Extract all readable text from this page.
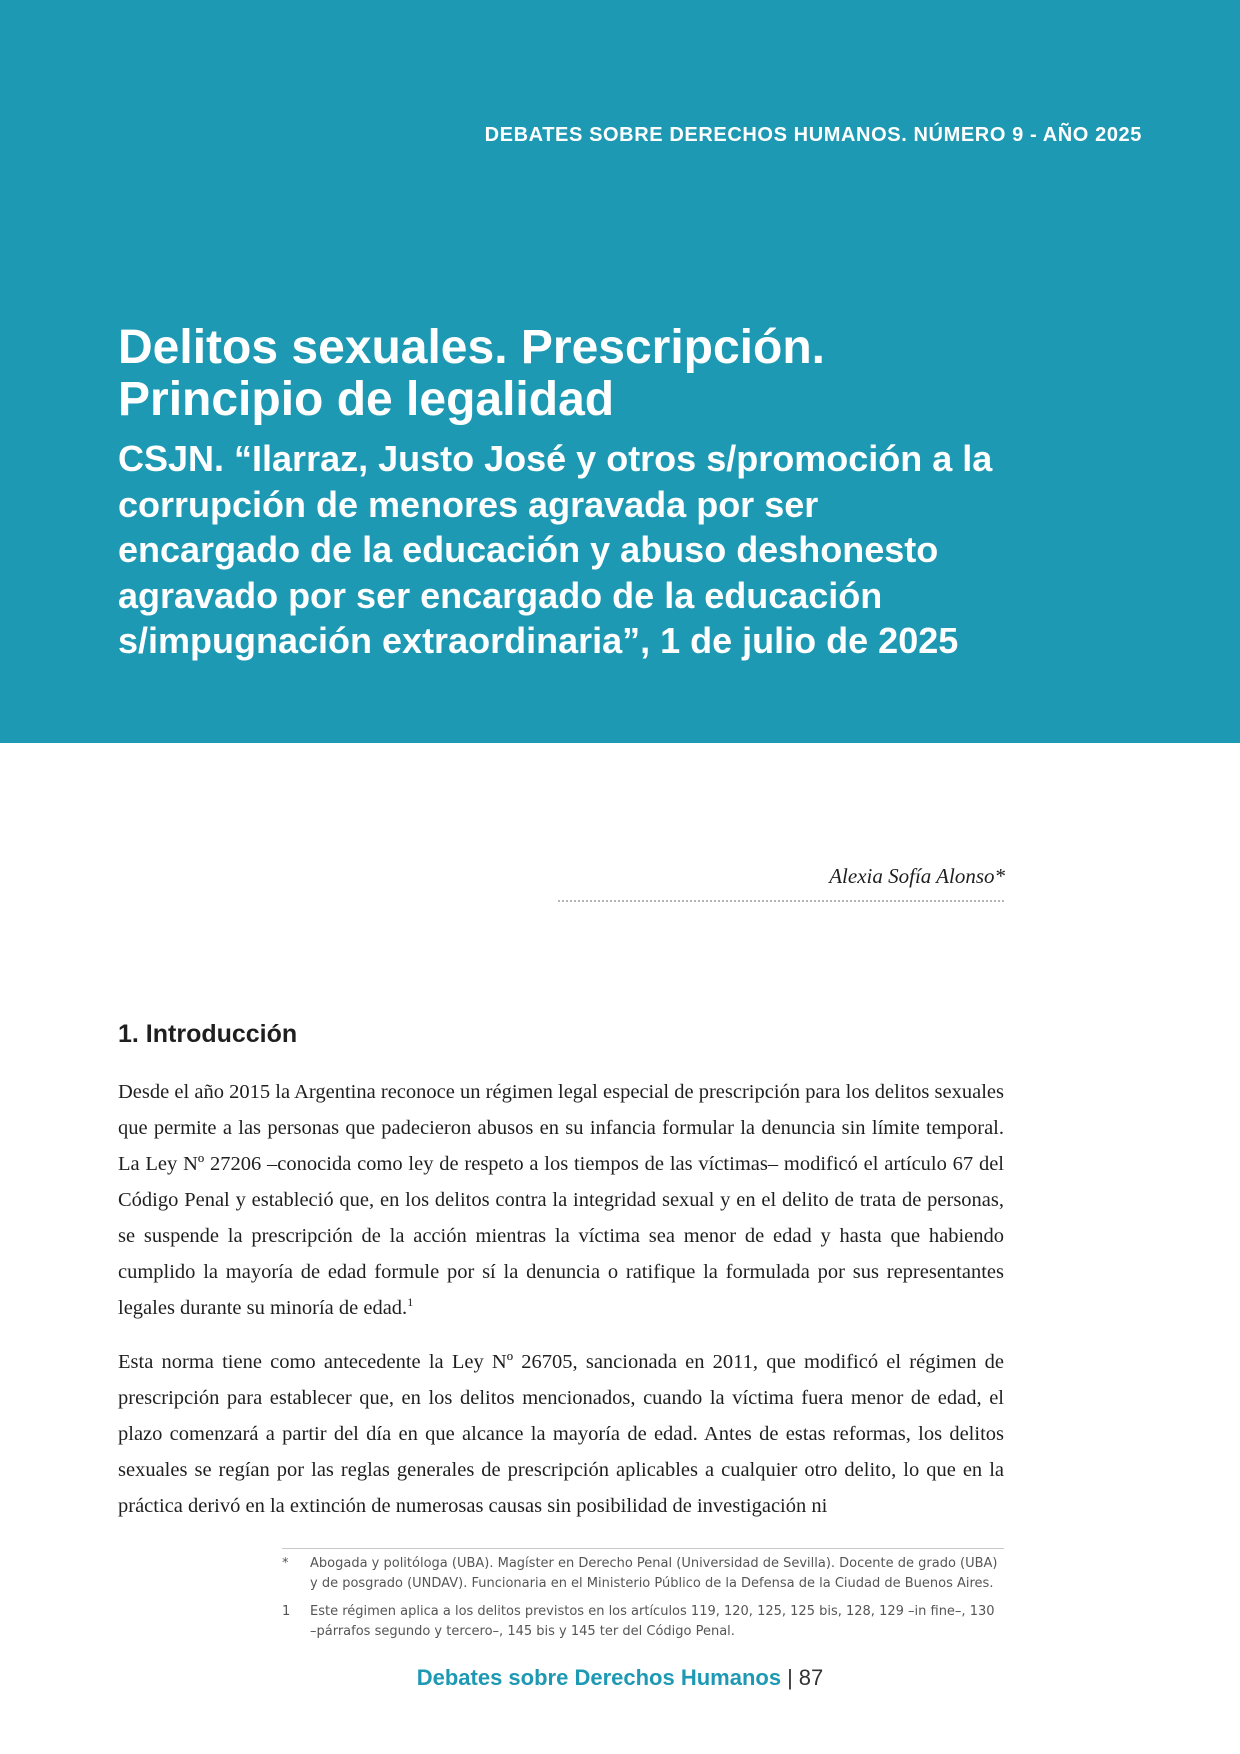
DEBATES SOBRE DERECHOS HUMANOS. NÚMERO 9 - AÑO 2025
Delitos sexuales. Prescripción.
Principio de legalidad
CSJN. “Ilarraz, Justo José y otros s/promoción a la corrupción de menores agravada por ser encargado de la educación y abuso deshonesto agravado por ser encargado de la educación s/impugnación extraordinaria”, 1 de julio de 2025
Alexia Sofía Alonso*
1. Introducción

Desde el año 2015 la Argentina reconoce un régimen legal especial de prescripción para los delitos sexuales que permite a las personas que padecieron abusos en su infancia formular la denuncia sin límite temporal. La Ley Nº 27206 –conocida como ley de respeto a los tiempos de las víctimas– modificó el artículo 67 del Código Penal y estableció que, en los delitos contra la integridad sexual y en el delito de trata de personas, se suspende la prescripción de la acción mientras la víctima sea menor de edad y hasta que habiendo cumplido la mayoría de edad formule por sí la denuncia o ratifique la formulada por sus representantes legales durante su minoría de edad.$^1$

Esta norma tiene como antecedente la Ley Nº 26705, sancionada en 2011, que modificó el régimen de prescripción para establecer que, en los delitos mencionados, cuando la víctima fuera menor de edad, el plazo comenzará a partir del día en que alcance la mayoría de edad. Antes de estas reformas, los delitos sexuales se regían por las reglas generales de prescripción aplicables a cualquier otro delito, lo que en la práctica derivó en la extinción de numerosas causas sin posibilidad de investigación ni

*	Abogada y politóloga (UBA). Magíster en Derecho Penal (Universidad de Sevilla). Docente de grado (UBA) y de posgrado (UNDAV). Funcionaria en el Ministerio Público de la Defensa de la Ciudad de Buenos Aires.
1	Este régimen aplica a los delitos previstos en los artículos 119, 120, 125, 125 bis, 128, 129 –in fine–, 130 –párrafos segundo y tercero–, 145 bis y 145 ter del Código Penal.
Debates sobre Derechos Humanos | 87
